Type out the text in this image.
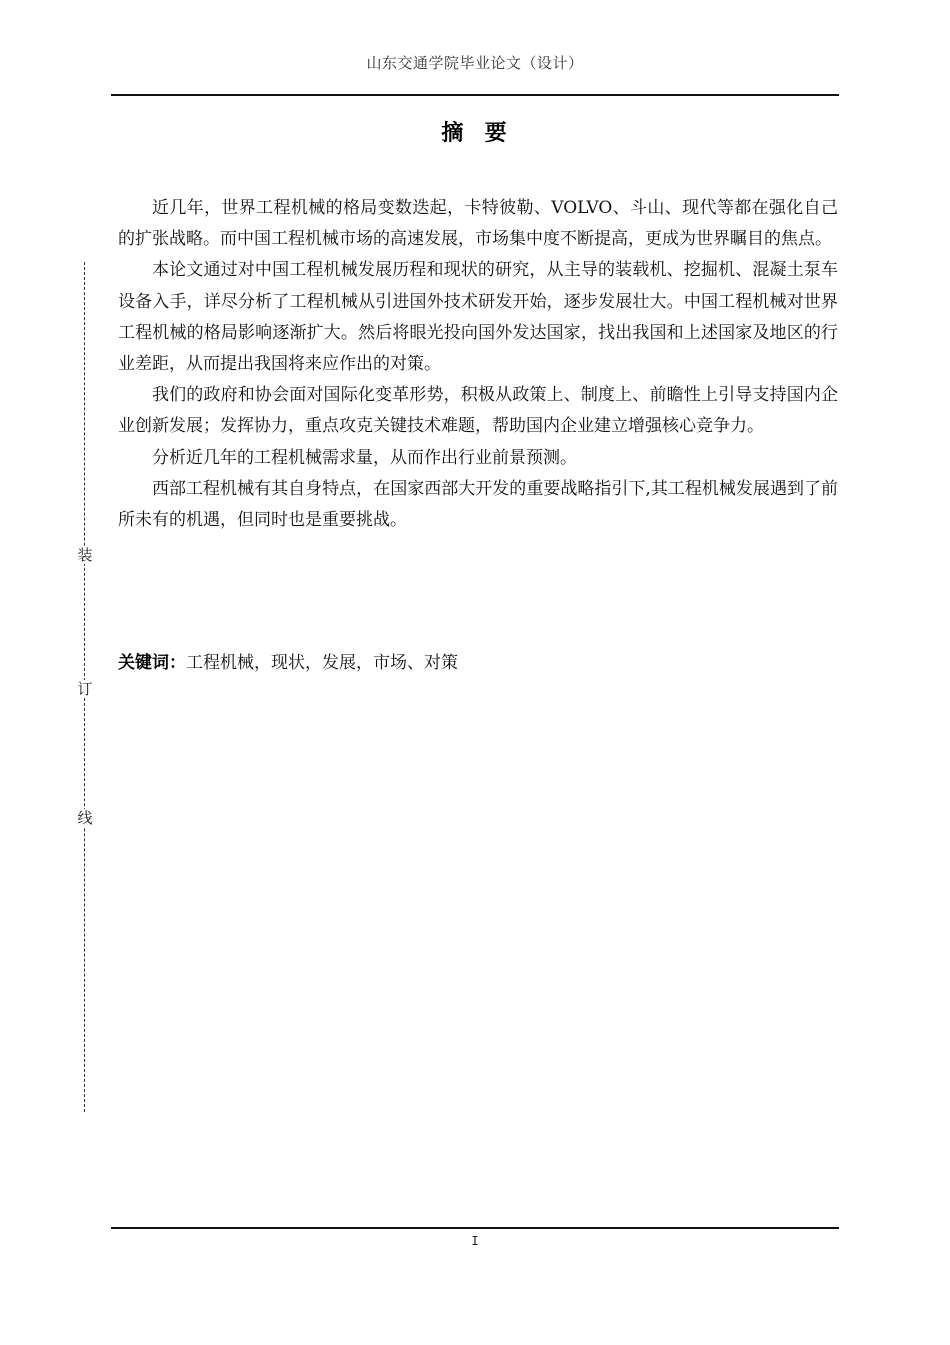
山东交通学院毕业论文（设计）
摘  要

近几年，世界工程机械的格局变数迭起，卡特彼勒、VOLVO、斗山、现代等都在强化自己的扩张战略。而中国工程机械市场的高速发展，市场集中度不断提高，更成为世界瞩目的焦点。

本论文通过对中国工程机械发展历程和现状的研究，从主导的装载机、挖掘机、混凝土泵车设备入手，详尽分析了工程机械从引进国外技术研发开始，逐步发展壮大。中国工程机械对世界工程机械的格局影响逐渐扩大。然后将眼光投向国外发达国家，找出我国和上述国家及地区的行业差距，从而提出我国将来应作出的对策。

我们的政府和协会面对国际化变革形势，积极从政策上、制度上、前瞻性上引导支持国内企业创新发展；发挥协力，重点攻克关键技术难题，帮助国内企业建立增强核心竞争力。

分析近几年的工程机械需求量，从而作出行业前景预测。

西部工程机械有其自身特点，在国家西部大开发的重要战略指引下,其工程机械发展遇到了前所未有的机遇，但同时也是重要挑战。

关键词：工程机械，现状，发展，市场、对策
装
订
线
I
